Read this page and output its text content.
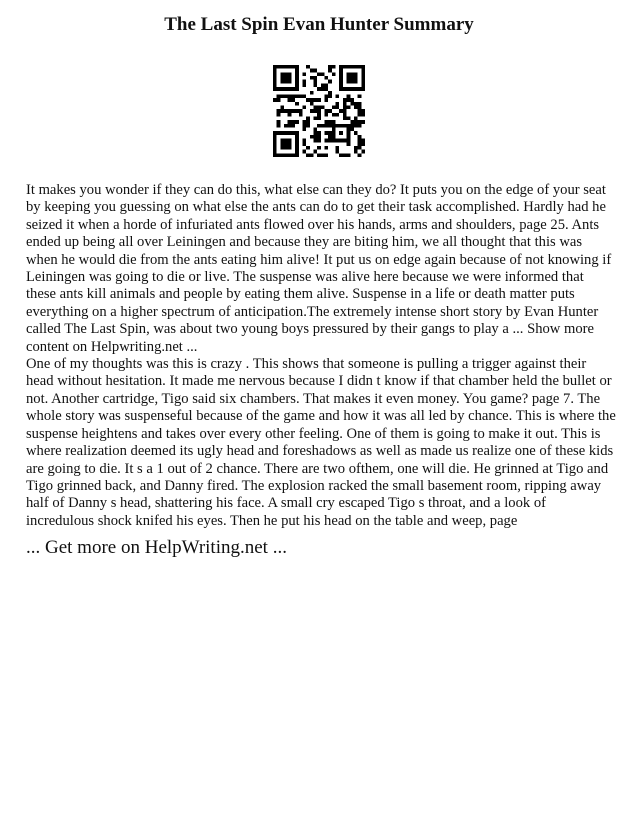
The Last Spin Evan Hunter Summary

It makes you wonder if they can do this, what else can they do? It puts you on the edge of your seat by keeping you guessing on what else the ants can do to get their task accomplished. Hardly had he seized it when a horde of infuriated ants flowed over his hands, arms and shoulders, page 25. Ants ended up being all over Leiningen and because they are biting him, we all thought that this was when he would die from the ants eating him alive! It put us on edge again because of not knowing if Leiningen was going to die or live. The suspense was alive here because we were informed that these ants kill animals and people by eating them alive. Suspense in a life or death matter puts everything on a higher spectrum of anticipation.The extremely intense short story by Evan Hunter called The Last Spin, was about two young boys pressured by their gangs to play a ... Show more content on Helpwriting.net ...

One of my thoughts was this is crazy . This shows that someone is pulling a trigger against their head without hesitation. It made me nervous because I didn t know if that chamber held the bullet or not. Another cartridge, Tigo said six chambers. That makes it even money. You game? page 7. The whole story was suspenseful because of the game and how it was all led by chance. This is where the suspense heightens and takes over every other feeling. One of them is going to make it out. This is where realization deemed its ugly head and foreshadows as well as made us realize one of these kids are going to die. It s a 1 out of 2 chance. There are two ofthem, one will die. He grinned at Tigo and Tigo grinned back, and Danny fired. The explosion racked the small basement room, ripping away half of Danny s head, shattering his face. A small cry escaped Tigo s throat, and a look of incredulous shock knifed his eyes. Then he put his head on the table and weep, page

... Get more on HelpWriting.net ...
